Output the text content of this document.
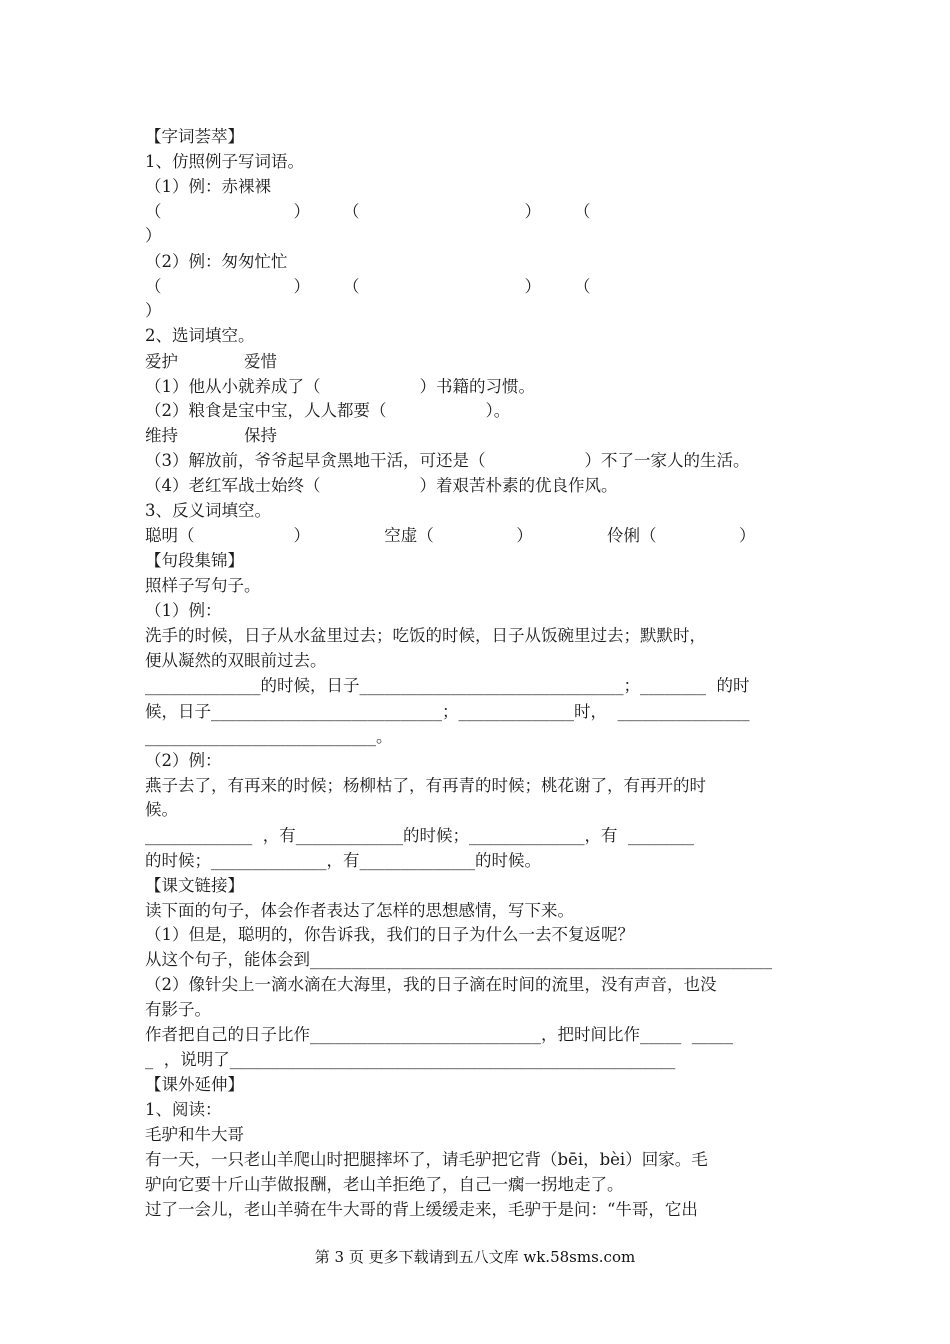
【字词荟萃】
1、仿照例子写词语。
（1）例：赤裸裸
（　　　　　　　　）　　　（　　　　　　　　　　）　　　（
）
（2）例：匆匆忙忙
（　　　　　　　　）　　　（　　　　　　　　　　）　　　（
）
2、选词填空。
爱护　　　　爱惜
（1）他从小就养成了（　　　　　　）书籍的习惯。
（2）粮食是宝中宝，人人都要（　　　　　　）。
维持　　　　保持
（3）解放前，爷爷起早贪黑地干活，可还是（　　　　　　）不了一家人的生活。
（4）老红军战士始终（　　　　　　）着艰苦朴素的优良作风。
3、反义词填空。
聪明（　　　　　　）　　　　　空虚（　　　　　）　　　　　伶俐（　　　　　）
【句段集锦】
照样子写句子。
（1）例：
洗手的时候，日子从水盆里过去；吃饭的时候，日子从饭碗里过去；默默时，
便从凝然的双眼前过去。
______________的时候，日子________________________________；________  的时
候，日子____________________________；______________时，  ________________
____________________________。
（2）例：
燕子去了，有再来的时候；杨柳枯了，有再青的时候；桃花谢了，有再开的时
候。
_____________  ，有_____________的时候；______________，有  ________
的时候；______________，有______________的时候。
【课文链接】
读下面的句子，体会作者表达了怎样的思想感情，写下来。
（1）但是，聪明的，你告诉我，我们的日子为什么一去不复返呢？
从这个句子，能体会到________________________________________________________
（2）像针尖上一滴水滴在大海里，我的日子滴在时间的流里，没有声音，也没
有影子。
作者把自己的日子比作____________________________，把时间比作_____  _____
_  ，说明了______________________________________________________
【课外延伸】
1、阅读：
毛驴和牛大哥
有一天，一只老山羊爬山时把腿摔坏了，请毛驴把它背（bēi，bèi）回家。毛
驴向它要十斤山芋做报酬，老山羊拒绝了，自己一瘸一拐地走了。
过了一会儿，老山羊骑在牛大哥的背上缓缓走来，毛驴于是问：“牛哥，它出
第 3 页 更多下载请到五八文库 wk.58sms.com
